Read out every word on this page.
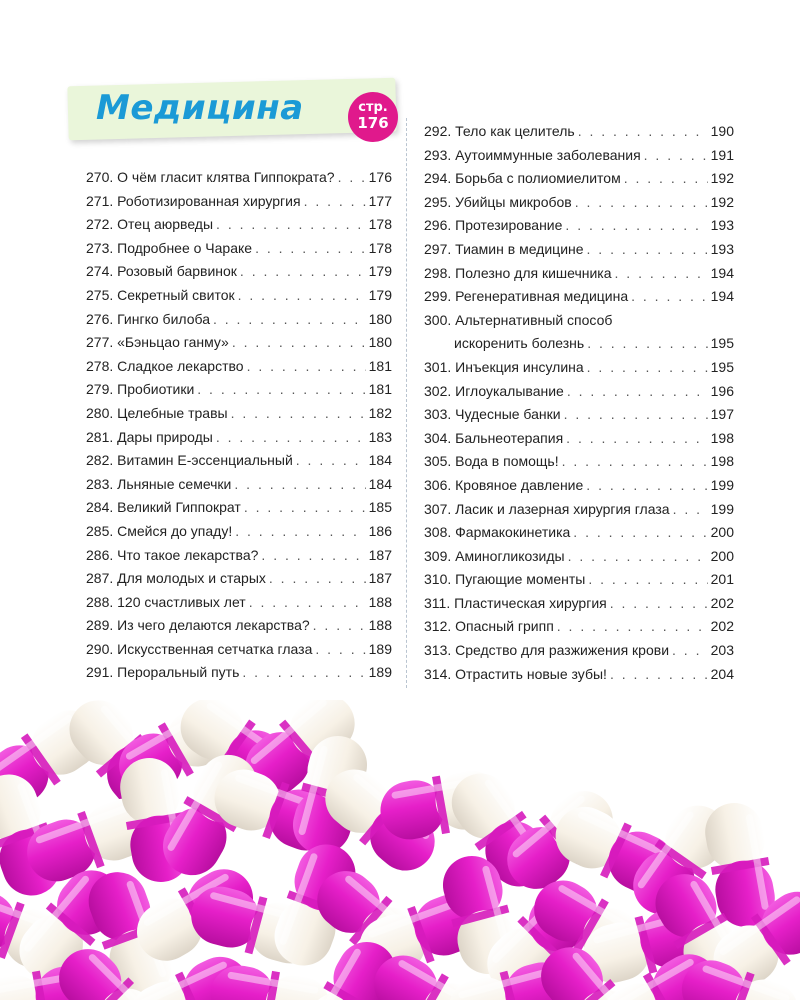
Медицина	стр.
176
270. О чём гласит клятва Гиппократа? . . . 176
271. Роботизированная хирургия . . .	177
272. Отец аюрведы . . .	178
273. Подробнее о Чараке . . .	178
274. Розовый барвинок . . .	179
275. Секретный свиток . . .	179
276. Гингко билоба . . .	180
277. «Бэньцао ганму» . . .	180
278. Сладкое лекарство . . .	181
279. Пробиотики . . .	181
280. Целебные травы . . .	182
281. Дары природы . . .	183
282. Витамин Е-эссенциальный . . .	184
283. Льняные семечки . . .	184
284. Великий Гиппократ . . .	185
285. Смейся до упаду! . . .	186
286. Что такое лекарства? . . .	187
287. Для молодых и старых . . .	187
288. 120 счастливых лет . . .	188
289. Из чего делаются лекарства? . . .	188
290. Искусственная сетчатка глаза . . .	189
291. Пероральный путь . . .	189
292. Тело как целитель . . .	190
293. Аутоиммунные заболевания . . .	191
294. Борьба с полиомиелитом . . .	192
295. Убийцы микробов . . .	192
296. Протезирование . . .	193
297. Тиамин в медицине . . .	193
298. Полезно для кишечника . . .	194
299. Регенеративная медицина . . .	194
300. Альтернативный способ
искоренить болезнь . . .	195
301. Инъекция инсулина . . .	195
302. Иглоукалывание . . .	196
303. Чудесные банки . . .	197
304. Бальнеотерапия . . .	198
305. Вода в помощь! . . .	198
306. Кровяное давление . . .	199
307. Ласик и лазерная хирургия глаза . . .	199
308. Фармакокинетика . . .	200
309. Аминогликозиды . . .	200
310. Пугающие моменты . . .	201
311. Пластическая хирургия . . .	202
312. Опасный грипп . . .	202
313. Средство для разжижения крови . . .	203
314. Отрастить новые зубы! . . .	204
